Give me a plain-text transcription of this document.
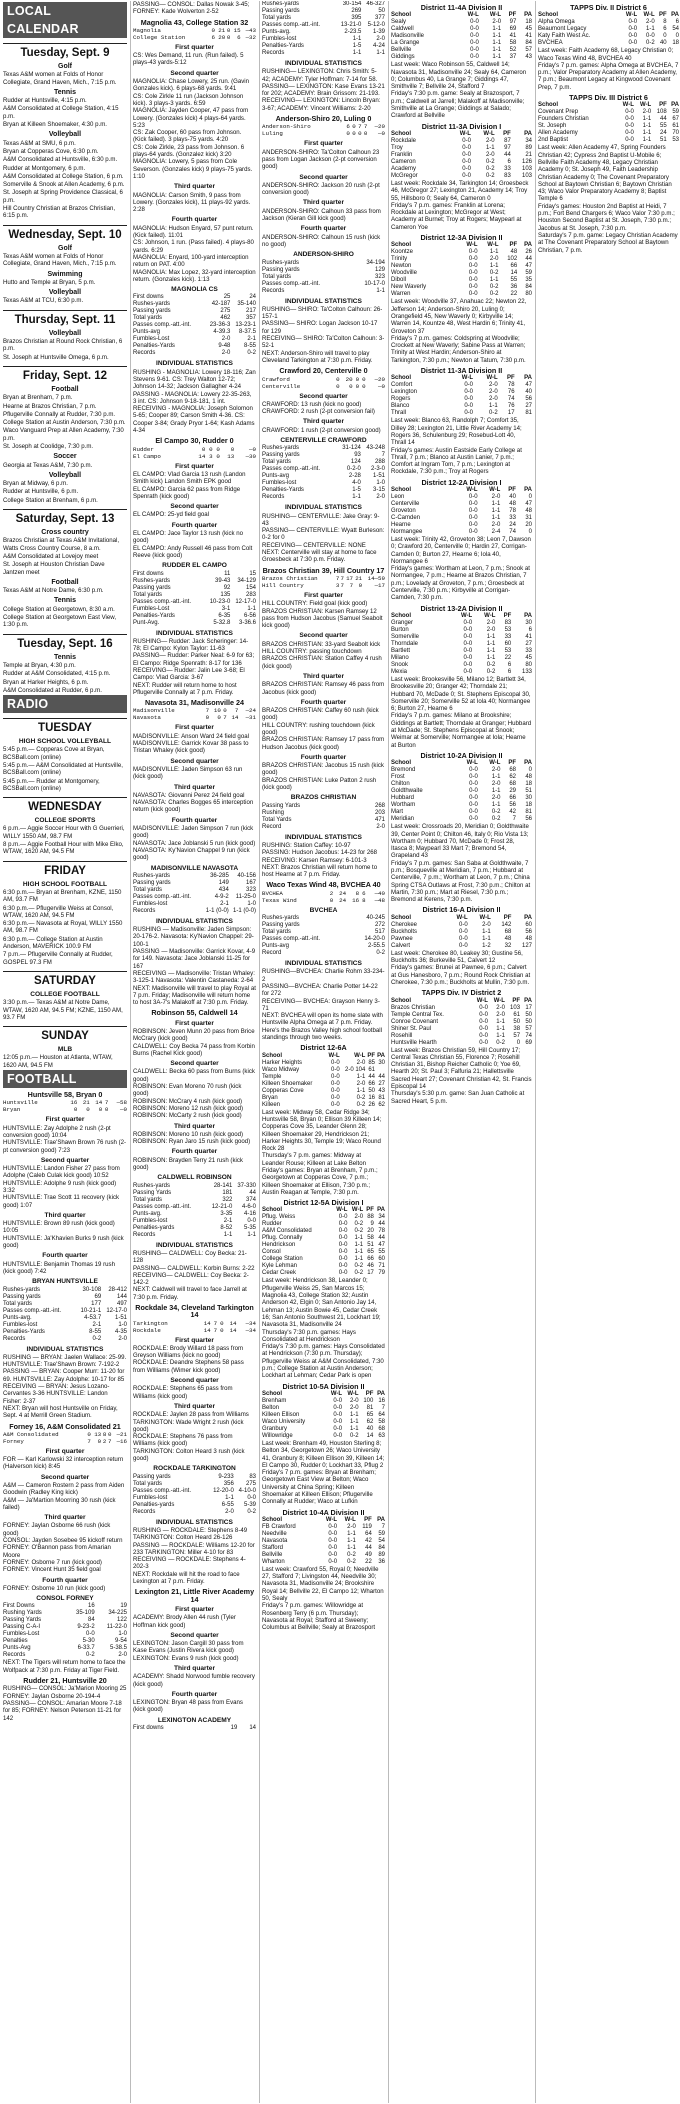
LOCAL CALENDAR
Tuesday, Sept. 9
Golf
Texas A&M women at Folds of Honor Collegiate, Grand Haven, Mich., 7:15 p.m.
Tennis
Rudder at Huntsville, 4:15 p.m.
A&M Consolidated at College Station, 4:15 p.m.
Bryan at Killeen Shoemaker, 4:30 p.m.
Volleyball
Texas A&M at SMU, 6 p.m.
Bryan at Copperas Cove, 6:30 p.m.
A&M Consolidated at Huntsville, 6:30 p.m.
Rudder at Montgomery, 6 p.m.
A&M Consolidated at College Station, 6 p.m.
Somerville & Snook at Allen Academy, 6 p.m.
St. Joseph at Spring Providence Classical, 6 p.m.
Hill Country Christian at Brazos Christian, 6:15 p.m.
Wednesday, Sept. 10
Golf
Texas A&M women at Folds of Honor Collegiate, Grand Haven, Mich., 7:15 p.m.
Swimming
Hutto and Temple at Bryan, 5 p.m.
Volleyball
Texas A&M at TCU, 6:30 p.m.
Thursday, Sept. 11
Volleyball
Brazos Christian at Round Rock Christian, 6 p.m.
St. Joseph at Huntsville Omega, 6 p.m.
Friday, Sept. 12
Football
Bryan at Brenham, 7 p.m.
Hearne at Brazos Christian, 7 p.m.
Pflugerville Connally at Rudder, 7:30 p.m.
College Station at Austin Anderson, 7:30 p.m.
Waco Vanguard Prep at Allen Academy, 7:30 p.m.
St. Joseph at Coolidge, 7:30 p.m.
Soccer
Georgia at Texas A&M, 7:30 p.m.
Volleyball
Bryan at Midway, 6 p.m.
Rudder at Huntsville, 6 p.m.
College Station at Brenham, 6 p.m.
Saturday, Sept. 13
Cross country
Brazos Christian at Texas A&M Invitational, Watts Cross Country Course, 8 a.m.
A&M Consolidated at Lovejoy meet
St. Joseph at Houston Christian Dave Jantzen meet
Football
Texas A&M at Notre Dame, 6:30 p.m.
Tennis
College Station at Georgetown, 8:30 a.m.
College Station at Georgetown East View, 1:30 p.m.
Tuesday, Sept. 16
Tennis
Temple at Bryan, 4:30 p.m.
Rudder at A&M Consolidated, 4:15 p.m.
Bryan at Harker Heights, 6 p.m.
A&M Consolidated at Rudder, 6 p.m.
RADIO
TUESDAY
HIGH SCHOOL VOLLEYBALL
5:45 p.m.— Copperas Cove at Bryan, BCSBall.com (online)
5:45 p.m.— A&M Consolidated at Huntsville, BCSBall.com (online)
5:45 p.m.— Rudder at Montgomery, BCSBall.com (online)
WEDNESDAY
COLLEGE SPORTS
6 p.m.— Aggie Soccer Hour with G Guerrieri, WILLY 1550 AM, 98.7 FM
8 p.m.— Aggie Football Hour with Mike Elko, WTAW, 1620 AM, 94.5 FM
FRIDAY
HIGH SCHOOL FOOTBALL
6:30 p.m.— Bryan at Brenham, KZNE, 1150 AM, 93.7 FM
6:30 p.m.— Pflugerville Weiss at Consol, WTAW, 1620 AM, 94.5 FM
6:30 p.m.— Navasota at Royal, WILLY 1550 AM, 98.7 FM
6:30 p.m.— College Station at Austin Anderson, MAVERICK 100.9 FM
7 p.m.— Pflugerville Connally at Rudder, GOSPEL 97.3 FM
SATURDAY
COLLEGE FOOTBALL
3:30 p.m.— Texas A&M at Notre Dame, WTAW, 1620 AM, 94.5 FM; KZNE, 1150 AM, 93.7 FM
SUNDAY
MLB
12:05 p.m.— Houston at Atlanta, WTAW, 1620 AM, 94.5 FM
FOOTBALL
Huntsville 58, Bryan 0
Huntsville	16	21	14	7	—58
Bryan	0	0	0	0	—0
First quarter
HUNTSVILLE: Zay Adolphe 2 rush (2-pt conversion good) 10:04
HUNTSVILLE: Trae'Shawn Brown 76 rush (2-pt conversion good) 7:23
Second quarter
HUNTSVILLE: Landon Fisher 27 pass from Adolphe (Caleb Culak kick good) 10:52
HUNTSVILLE: Adolphe 9 rush (kick good) 3:32
HUNTSVILLE: Trae Scott 11 recovery (kick good) 1:07
Third quarter
HUNTSVILLE: Brown 89 rush (kick good) 10:05
HUNTSVILLE: Ja'Khavien Burks 9 rush (kick good)
Fourth quarter
HUNTSVILLE: Benjamin Thomas 19 rush (kick good) 7:42
BRYAN HUNTSVILLE
Rushes-yards	30-108	28-412
Passing yards	69	144
Total yards	177	497
Passes comp.-att.-int.	10-21-1	12-17-0
Punts-avg.	4-53.7	1-51
Fumbles-lost	2-1	1-0
Penalties-Yards	8-55	4-35
Records	0-2	2-0
INDIVIDUAL STATISTICS
RUSHING — BRYAN: Jaelen Wallace: 25-99. HUNTSVILLE: Trae'Shawn Brown: 7-192-2
PASSING — BRYAN: Cooper Murr: 11-20 for 69. HUNTSVILLE: Zay Adolphe: 10-17 for 85
RECEIVING — BRYAN: Jesus Lozano-Cervantes 3-36 HUNTSVILLE: Landon Fisher: 2-37
NEXT: Bryan will host Huntsville on Friday, Sept. 4 at Merrill Green Stadium.
Forney 16, A&M Consolidated 21
A&M Consolidated	0	13	8	0	—21
Forney	7	0	2	7	—16
First quarter
FOR — Karl Karlowski 32 interception return (Halverson kick) 8:45
Second quarter
A&M — Cameron Rostern 2 pass from Aiden Goodwin (Radley King kick)
A&M — Ja'Martion Moorring 30 rush (kick failed)
Third quarter
FORNEY: Jaylan Osborne 66 rush (kick good)
CONSOL: Jayden Sosebee 95 kickoff return
FORNEY: O'Bannon pass from Amarian Moore
FORNEY: Osborne 7 run (kick good)
FORNEY: Vincent Hunt 35 field goal
Fourth quarter
FORNEY: Osborne 10 run (kick good)
CONSOL FORNEY
First Downs	16	19
Rushing Yards	35-109	34-225
Passing Yards	84	122
Passing C-A-I	9-23-2	11-22-0
Fumbles-Lost	0-0	1-0
Penalties	5-30	9-54
Punts-Avg	6-33.7	5-38.5
Records	0-2	2-0
NEXT: The Tigers will return home to face the Wolfpack at 7:30 p.m. Friday at Tiger Field.
Rudder 21, Huntsville 20
RUSHING— CONSOL: Ja'Marion Mooring 25 FORNEY: Jaylan Osborne 20-194-4
PASSING— CONSOL: Amarian Moore 7-18 for 85; FORNEY: Nelson Peterson 11-21 for 142
PASSING— CONSOL: Dallas Nowak 3-45; FORNEY: Kade Wolverton 2-52
Magnolia 43, College Station 32
Magnolia	0	21	0	15	—43
College Station	6	20	0	6	—32
First quarter
CS: Wes Demand, 11 run. (Run failed). 5 plays-43 yards-5:12
Second quarter
MAGNOLIA: Chase Lowery, 25 run. (Gavin Gonzales kick). 6 plays-68 yards. 9:41
CS: Cole Zirkle 11 run (Jackson Johnson kick). 3 plays-3 yards. 6:59
MAGNOLIA: Jayden Cooper, 47 pass from Lowery. (Gonzales kick) 4 plays-64 yards. 5:23
CS: Zak Cooper, 60 pass from Johnson. (Kick failed). 3 plays-75 yards. 4:20
CS: Cole Zirkle, 23 pass from Johnson. 6 plays-64 yards. (Gonzalez kick) 3:20
MAGNOLIA: Lowery, 5 pass from Cole Severson. (Gonzales kick) 9 plays-75 yards. 1:10
Third quarter
MAGNOLIA: Carson Smith, 9 pass from Lowery. (Gonzales kick), 11 plays-92 yards. 2:28
Fourth quarter
MAGNOLIA: Hudson Enyard, 57 punt return. (Kick failed). 11:01
CS: Johnson, 1 run. (Pass failed). 4 plays-80 yards. 6:29
MAGNOLIA: Enyard, 100-yard interception return on PAT. 4:00
MAGNOLIA: Max Lopez, 32-yard interception return. (Gonzales kick). 1:13
MAGNOLIA CS
First downs	25	24
Rushes-yards	42-187	35-140
Passing yards	275	217
Total yards	462	357
Passes comp.-att.-int.	23-36-3	13-23-1
Punts-avg	4-39.3	8-37.5
Fumbles-Lost	2-0	2-1
Penalties-Yards	9-48	8-55
Records	2-0	0-2
INDIVIDUAL STATISTICS
RUSHING - MAGNOLIA: Lowery 18-116; Zan Stevens 9-61. CS: Trey Walton 12-72; Johnson 14-32; Jackson Gallagher 4-24
PASSING - MAGNOLIA: Lowery 22-35-263, 3 int. CS: Johnson 9-18-181, 1 int.
RECEIVING - MAGNOLIA: Joseph Solomon 5-65; Cooper 89; Carson Smith 4-36. CS: Cooper 3-84; Grady Pryor 1-64; Kash Adams 4-34
El Campo 30, Rudder 0
Rudder	0	0	0	0	—0
El Campo	14	3	0	13	—30
First quarter
EL CAMPO: Vlad Garcia 13 rush (Landon Smith kick) Landon Smith EPK good
EL CAMPO: Garcia 62 pass from Ridge Spenrath (kick good)
Second quarter
EL CAMPO: 25-yd field goal
Fourth quarter
EL CAMPO: Jace Taylor 13 rush (kick no good)
EL CAMPO: Andy Russell 46 pass from Colt Reeve (kick good)
RUDDER EL CAMPO
First downs	11	15
Rushes-yards	39-43	34-129
Passing yards	92	154
Total yards	135	283
Passes comp.-att.-int.	10-23-0	12-17-0
Fumbles-Lost	3-1	1-1
Penalties-Yards	6-35	6-56
Punt-Avg.	5-32.8	3-36.6
INDIVIDUAL STATISTICS
RUSHING— Rudder: Jack Scheringer: 14-78; El Campo: Kylon Taylor: 11-63
PASSING— Rudder: Parker Neal: 6-9 for 63; El Campo: Ridge Spenrath: 8-17 for 136
RECEIVING— Rudder: Jalin Lee 3-68; El Campo: Vlad Garcia: 3-67
NEXT: Rudder will return home to host Pflugerville Connally at 7 p.m. Friday.
Navasota 31, Madisonville 24
Madisonville	7	10	0	7	—24
Navasota	0	0	7	14	—31
First quarter
MADISONVILLE: Anson Ward 24 field goal
MADISONVILLE: Garrick Kovar 38 pass to Tristan Whaley (kick good)
Second quarter
MADISONVILLE: Jaden Simpson 63 run (kick good)
Third quarter
NAVASOTA: Giovanni Perez 24 field goal
NAVASOTA: Charles Bogges 65 interception return (kick good)
Fourth quarter
MADISONVILLE: Jaden Simpson 7 run (kick good)
NAVASOTA: Jace Joblanski 5 run (kick good)
NAVASOTA: Ky'Navion Chappel 9 run (kick good)
MADISONVILLE NAVASOTA
Rushes-yards	36-285	40-156
Passing yards	149	167
Total yards	434	323
Passes comp.-att.-int.	4-9-2	11-25-0
Fumbles-lost	2-1	1-0
Records	1-1 (0-0)	1-1 (0-0)
INDIVIDUAL STATISTICS
RUSHING — Madisonville: Jaden Simpson: 20-176-2. Navasota: Ky'Navion Chappel: 29-100-1
PASSING — Madisonville: Garrick Kovar, 4-9 for 149. Navasota: Jace Joblanski 11-25 for 167
RECEIVING — Madisonville: Tristan Whaley: 3-125-1 Navasota: Valentin Castaneda: 2-64
NEXT: Madisonville will travel to play Royal at 7 p.m. Friday; Madisonville will return home to host 3A-7's Malakoff at 7:30 p.m. Friday.
Robinson 55, Caldwell 14
First quarter
ROBINSON: Jeven Munn 20 pass from Brice McCrary (kick good)
CALDWELL: Coy Becka 74 pass from Korbin Burns (Rachel Kick good)
Second quarter
CALDWELL: Becka 60 pass from Burns (kick good)
ROBINSON: Evan Moreno 70 rush (kick good)
ROBINSON: McCrary 4 rush (kick good)
ROBINSON: Moreno 12 rush (kick good)
ROBINSON: McCarty 2 rush (kick good)
Third quarter
ROBINSON: Moreno 10 rush (kick good)
ROBINSON: Ryan Jaro 15 rush (kick good)
Fourth quarter
ROBINSON: Brayden Terry 21 rush (kick good)
CALDWELL ROBINSON
Rushes-yards	28-141	37-330
Passing Yards	181	44
Total yards	322	374
Passes comp.-att.-int.	12-21-0	4-6-0
Punts-avg.	3-35	4-16
Fumbles-lost	2-1	0-0
Penalties-yards	8-52	5-35
Records	1-1	1-1
INDIVIDUAL STATISTICS
RUSHING— CALDWELL: Coy Becka: 21-128
PASSING— CALDWELL: Korbin Burns: 2-22
RECEIVING— CALDWELL: Coy Becka: 2-142-2
NEXT: Caldwell will travel to face Jarrell at 7:30 p.m. Friday.
Rockdale 34, Cleveland Tarkington 14
Tarkington	14	7	0	14	—34
Rockdale	14	7	0	14	—34
First quarter
ROCKDALE: Brody Willard 18 pass from Greyson Williams (kick no good)
ROCKDALE: Deandre Stephens 58 pass from Williams (Wimer kick good)
Second quarter
ROCKDALE: Stephens 65 pass from Williams (kick good)
Third quarter
ROCKDALE: Jaylen 28 pass from Williams
TARKINGTON: Wade Wright 2 rush (kick good)
ROCKDALE: Stephens 76 pass from Williams (kick good)
TARKINGTON: Colton Heard 3 rush (kick good)
ROCKDALE TARKINGTON
Passing yards	9-233	83
Total yards	356	275
Passes comp.-att.-int.	12-20-0	4-10-0
Fumbles-lost	1-1	0-0
Penalties-yards	6-55	5-39
Records	2-0	0-2
INDIVIDUAL STATISTICS
RUSHING — ROCKDALE: Stephens 8-49 TARKINGTON: Colton Heard 26-126
PASSING — ROCKDALE: Williams 12-20 for 233 TARKINGTON: Miller 4-10 for 83
RECEIVING — ROCKDALE: Stephens 4-202-3
NEXT: Rockdale will hit the road to face Lexington at 7 p.m. Friday.
Lexington 21, Little River Academy 14
First quarter
ACADEMY: Brody Allen 44 rush (Tyler Hoffman kick good)
Second quarter
LEXINGTON: Jason Cargill 30 pass from Kase Evans (Justin Rivera kick good)
LEXINGTON: Evans 9 rush (kick good)
Third quarter
ACADEMY: Shadd Norwood fumble recovery (kick good)
Fourth quarter
LEXINGTON: Bryan 48 pass from Evans (kick good)
LEXINGTON ACADEMY
First downs	19	14
Rushes-yards	30-154	46-327
Passing yards	269	50
Total yards	395	377
Passes comp.-att.-int.	13-21-0	5-12-0
Punts-avg.	2-23.5	1-39
Fumbles-lost	1-1	2-0
Penalties-Yards	1-5	4-24
Records	1-1	1-1
INDIVIDUAL STATISTICS
RUSHING— LEXINGTON: Chris Smith: 5-42; ACADEMY: Tyler Hoffman: 7-14 for 58.
PASSING— LEXINGTON: Kase Evans 13-21 for 202; ACADEMY: Brain Grissom: 21-193.
RECEIVING— LEXINGTON: Lincoln Bryan: 3-67; ACADEMY: Vincent Williams: 2-20
Anderson-Shiro 20, Luling 0
Anderson-Shiro	6	0	7	7	—20
Luling	0	0	0	0	—0
First quarter
ANDERSON-SHIRO: Ta'Colton Calhoun 23 pass from Logan Jackson (2-pt conversion good)
Second quarter
ANDERSON-SHIRO: Jackson 20 rush (2-pt conversion good)
Third quarter
ANDERSON-SHIRO: Calhoun 33 pass from Jackson (Kieran Gill kick good)
Fourth quarter
ANDERSON-SHIRO: Calhoun 15 rush (kick no good)
ANDERSON-SHIRO
Rushes-yards		34-194
Passing yards		129
Total yards		323
Passes comp.-att.-int.		10-17-0
Records		1-1
INDIVIDUAL STATISTICS
RUSHING— SHIRO: Ta'Colton Calhoun: 26-157-1
PASSING— SHIRO: Logan Jackson 10-17 for 129
RECEIVING— SHIRO: Ta'Colton Calhoun: 3-52-1
NEXT: Anderson-Shiro will travel to play Cleveland Tarkington at 7:30 p.m. Friday.
Crawford 20, Centerville 0
Crawford	0	20	0	0	—20
Centerville	0	0	0	0	—0
Second quarter
CRAWFORD: 13 rush (kick no good)
CRAWFORD: 2 rush (2-pt conversion fail)
Third quarter
CRAWFORD: 1 rush (2-pt conversion good)
CENTERVILLE CRAWFORD
Rushes-yards	31-124	43-248
Passing yards	93	7
Total yards	124	288
Passes comp.-att.-int.	0-2-0	2-3-0
Punts-avg	2-28	1-51
Fumbles-lost	4-0	1-0
Penalties-Yards	1-5	3-15
Records	1-1	2-0
INDIVIDUAL STATISTICS
RUSHING— CENTERVILLE: Jake Gray: 9-43
PASSING— CENTERVILLE: Wyatt Burleson: 0-2 for 0
RECEIVING— CENTERVILLE: NONE
NEXT: Centerville will stay at home to face Groesbeck at 7:30 p.m. Friday.
Brazos Christian 39, Hill Country 17
Brazos Christian	7	7	17	21	14—59
Hill Country	3	7	7	0	—17
First quarter
HILL COUNTRY: Field goal (kick good)
BRAZOS CHRISTIAN: Karsen Ramsey 12 pass from Hudson Jacobus (Samuel Seabolt kick good)
Second quarter
BRAZOS CHRISTIAN: 33-yard Seabolt kick
HILL COUNTRY: passing touchdown
BRAZOS CHRISTIAN: Station Caffey 4 rush (kick good)
Third quarter
BRAZOS CHRISTIAN: Ramsey 46 pass from Jacobus (kick good)
Fourth quarter
BRAZOS CHRISTIAN: Caffey 60 rush (kick good)
HILL COUNTRY: rushing touchdown (kick good)
BRAZOS CHRISTIAN: Ramsey 17 pass from Hudson Jacobus (kick good)
Fourth quarter
BRAZOS CHRISTIAN: Jacobus 15 rush (kick good)
BRAZOS CHRISTIAN: Luke Patton 2 rush (kick good)
BRAZOS CHRISTIAN
Passing Yards		268
Rushing		203
Total Yards		471
Record		2-0
INDIVIDUAL STATISTICS
RUSHING: Station Caffey: 10-97
PASSING: Hudson Jacobus: 14-23 for 268
RECEIVING: Karsen Ramsey: 6-101-3
NEXT: Brazos Christian will return home to host Hearne at 7 p.m. Friday.
Waco Texas Wind 48, BVCHEA 40
BVCHEA	2	24	8	6	—40
Texas Wind	0	24	16	8	—48
BVCHEA
Rushes-yards		40-245
Passing yards		272
Total yards		517
Passes comp.-att.-int.		14-20-0
Punts-avg		2-55.5
Record		0-2
INDIVIDUAL STATISTICS
RUSHING—BVCHEA: Charlie Rohm 33-234-2
PASSING—BVCHEA: Charlie Potter 14-22 for 272
RECEIVING— BVCHEA: Grayson Henry 3-71
NEXT: BVCHEA will open its home slate with Huntsville Alpha Omega at 7 p.m. Friday.

Here's the Brazos Valley high school football standings through two weeks.

District 12-6A
School	W-L	W-L	PF	PA
Harker Heights	0-0	2-0	85	30
Waco Midway	0-0	2-0 104	61	
Temple	0-0	1-1	44	44
Killeen Shoemaker	0-0	2-0	66	27
Copperas Cove	0-0	1-1	50	43
Bryan	0-0	0-2	16	81
Killeen	0-0	0-2	26	62
Last week: Midway 58, Cedar Ridge 34; Huntsville 58, Bryan 0; Ellison 39 Killeen 14; Copperas Cove 35, Leander Glenn 28; Killeen Shoemaker 29, Hendrickson 21; Harker Heights 30, Temple 19; Waco Round Rock 28
Thursday's 7 p.m. games: Midway at Leander Rouse; Killeen at Lake Belton
Friday's games: Bryan at Brenham, 7 p.m.; Georgetown at Copperas Cove, 7 p.m.; Killeen Shoemaker at Ellison, 7:30 p.m.; Austin Reagan at Temple, 7:30 p.m.
District 12-5A Division I
School	W-L	W-L	PF	PA
Pflug. Weiss	0-0	2-0	88	34
Rudder	0-0	0-2	9	44
A&M Consolidated	0-0	0-2	20	78
Pflug. Connally	0-0	1-1	58	44
Hendrickson	0-0	1-1	51	47
Consol	0-0	1-1	65	55
College Station	0-0	1-1	66	60
Kyle Lehman	0-0	0-2	46	71
Cedar Creek	0-0	0-2	17	79
Last week: Hendrickson 38, Leander 0; Pflugerville Weiss 25, San Marcos 15; Magnolia 43, College Station 32; Austin Anderson 42, Elgin 0; San Antonio Jay 14, Lehman 13; Austin Bowie 45, Cedar Creek 16; San Antonio Southwest 21, Lockhart 19; Navasota 31, Madisonville 24
Thursday's 7:30 p.m. games: Hays Consolidated at Hendrickson
Friday's 7:30 p.m. games: Hays Consolidated at Hendrickson (7:30 p.m. Thursday); Pflugerville Weiss at A&M Consolidated, 7:30 p.m.; College Station at Austin Anderson; Lockhart at Lehman; Cedar Park is open
District 10-5A Division II
School	W-L	W-L	PF	PA
Brenham	0-0	2-0	100	16
Belton	0-0	2-0	81	7
Killeen Ellison	0-0	1-1	65	64
Waco University	0-0	1-1	62	58
Granbury	0-0	1-1	40	68
Willowridge	0-0	0-2	14	63
Last week: Brenham 49, Houston Sterling 8; Belton 34, Georgetown 26; Waco University 41, Granbury 8; Killeen Ellison 39, Killeen 14; El Campo 30, Rudder 0; Lockhart 33, Pflug 2
Friday's 7 p.m. games: Bryan at Brenham; Georgetown East View at Belton; Waco University at China Spring; Killeen Shoemaker at Killeen Ellison; Pflugerville Connally at Rudder; Waco at Lufkin
District 10-4A Division II
School	W-L	W-L	PF	PA
FB Crawford	0-0	2-0	119	7
Needville	0-0	1-1	64	59
Navasota	0-0	1-1	42	54
Stafford	0-0	1-1	44	84
Bellville	0-0	0-2	49	89
Wharton	0-0	0-2	22	36
Last week: Crawford 55, Royal 0; Needville 27, Stafford 7; Livingston 44, Needville 30; Navasota 31, Madisonville 24; Brookshire Royal 14; Bellville 22, El Campo 12; Wharton 50, Sealy
Friday's 7 p.m. games: Willowridge at Rosenberg Terry (6 p.m. Thursday); Navasota at Royal; Stafford at Sweeny; Columbus at Bellville; Sealy at Brazosport
District 11-4A Division II
School	W-L	W-L	PF	PA
Sealy	0-0	2-0	97	18
Caldwell	0-0	1-1	69	45
Madisonville	0-0	1-1	41	41
La Grange	0-0	1-1	58	84
Bellville	0-0	1-1	52	57
Giddings	0-0	1-1	37	43
Last week: Waco Robinson 55, Caldwell 14; Navasota 31, Madisonville 24; Sealy 64, Cameron 0; Columbus 40, La Grange 7; Giddings 47, Smithville 7; Bellville 24, Stafford 7
Friday's 7:30 p.m. game: Sealy at Brazosport, 7 p.m.; Caldwell at Jarrell; Malakoff at Madisonville; Smithville at La Grange; Giddings at Salado; Crawford at Bellville
District 11-3A Division I
School	W-L	W-L	PF	PA
Rockdale	0-0	2-0	87	34
Troy	0-0	1-1	97	89
Franklin	0-0	2-0	44	21
Cameron	0-0	0-2	6	126
Academy	0-0	0-2	33	103
McGregor	0-0	0-2	83	103
Last week: Rockdale 34, Tarkington 14; Groesbeck 46, McGregor 27; Lexington 21, Academy 14; Troy 55, Hillsboro 0; Sealy 64, Cameron 0
Friday's 7 p.m. games: Franklin at Lorena; Rockdale at Lexington; McGregor at West; Academy at Burnet; Troy at Rogers; Maypearl at Cameron Yoe
District 12-3A Division II
School	W-L	W-L	PF	PA
Koontze	0-0	1-1	48	26
Trinity	0-0	2-0	102	44
Newton	0-0	1-1	66	47
Woodville	0-0	0-2	14	59
Diboll	0-0	1-1	55	35
New Waverly	0-0	0-2	36	84
Warren	0-0	0-2	22	80
Last week: Woodville 37, Anahuac 22; Newton 22, Jefferson 14; Anderson-Shiro 20, Luling 0; Orangefield 45, New Waverly 0; Kirbyville 14; Warren 14, Kountze 48, West Hardin 6; Trinity 41, Groveton 37
Friday's 7 p.m. games: Coldspring at Woodville; Crockett at New Waverly; Sabine Pass at Warren; Trinity at West Hardin; Anderson-Shiro at Tarkington, 7:30 p.m.; Newton at Tatum, 7:30 p.m.
District 11-3A Division II
School	W-L	W-L	PF	PA
Comfort	0-0	2-0	78	47
Lexington	0-0	2-0	76	40
Rogers	0-0	2-0	74	56
Blanco	0-0	1-1	76	27
Thrall	0-0	0-2	17	81
Last week: Blanco 63, Randolph 7; Comfort 35, Dilley 28; Lexington 21, Little River Academy 14; Rogers 36, Schulenburg 29; Rosebud-Lott 40, Thrall 14
Friday's games: Austin Eastside Early College at Thrall, 7 p.m.; Blanco at Austin Lanier, 7 p.m.; Comfort at Ingram Tom, 7 p.m.; Lexington at Rockdale, 7:30 p.m.; Troy at Rogers
District 12-2A Division I
School	W-L	W-L	PF	PA
Leon	0-0	2-0	40	0
Centerville	0-0	1-1	48	47
Groveton	0-0	1-1	78	48
C-Camden	0-0	1-1	33	31
Hearne	0-0	2-0	24	20
Normangee	0-0	2-4	74	0
Last week: Trinity 42, Groveton 38; Leon 7, Dawson 0; Crawford 20, Centerville 0; Hardin 27, Corrigan-Camden 0; Burton 27, Hearne 6; Iola 40, Normangee 6
Friday's games: Wortham at Leon, 7 p.m.; Snook at Normangee, 7 p.m.; Hearne at Brazos Christian, 7 p.m.; Lovelady at Groveton, 7 p.m.; Groesbeck at Centerville, 7:30 p.m.; Kirbyville at Corrigan-Camden, 7:30 p.m.
District 13-2A Division II
School	W-L	W-L	PF	PA
Granger	0-0	2-0	83	30
Burton	0-0	2-0	53	6
Somerville	0-0	1-1	33	41
Thorndale	0-0	1-1	60	27
Bartlett	0-0	1-1	53	33
Milano	0-0	1-1	22	45
Snook	0-0	0-2	6	80
Mexia	0-0	0-2	6	133
Last week: Brookesville 56, Milano 12; Bartlett 34, Brookesville 20; Granger 42; Thorndale 21; Hubbard 70, McDade 0; St. Stephens Episcopal 30, Somerville 20; Somerville 52 at Iola 40; Normangee 6; Burton 27, Hearne 6
Friday's 7 p.m. games: Milano at Brookshire; Giddings at Bartlett; Thorndale at Granger; Hubbard at McDade; St. Stephens Episcopal at Snook; Weimar at Somerville; Normangee at Iola; Hearne at Burton
District 10-2A Division II
School	W-L	W-L	PF	PA
Bremond	0-0	2-0	68	0
Frost	0-0	1-1	62	48
Chilton	0-0	2-0	68	18
Goldthwaite	0-0	1-1	29	51
Hubbard	0-0	2-0	66	30
Wortham	0-0	1-1	56	18
Mart	0-0	0-2	42	81
Meridian	0-0	0-2	7	56
Last week: Crossroads 20, Meridian 0; Goldthwaite 39, Center Point 0; Chilton 46, Italy 0; Rio Vista 13; Wortham 0; Hubbard 70, McDade 0; Frost 28, Itasca 8; Maypearl 33 Mart 7; Bremond 54, Grapeland 43
Friday's 7 p.m. games: San Saba at Goldthwaite, 7 p.m.; Bosqueville at Meridian, 7 p.m.; Hubbard at Centerville, 7 p.m.; Wortham at Leon, 7 p.m.; China Spring CTSA Outlaws at Frost, 7:30 p.m.; Chilton at Martin, 7:30 p.m.; Mart at Riesel, 7:30 p.m.; Bremond at Kerens, 7:30 p.m.
District 16-A Division II
School	W-L	W-L	PF	PA
Cherokee	0-0	2-0	142	60
Buckholts	0-0	1-1	68	56
Pawnee	0-0	1-1	48	48
Calvert	0-0	1-2	32	127
Last week: Cherokee 80, Leakey 30; Gustine 56, Buckholts 36; Burkeville 51, Calvert 12
Friday's games: Brunei at Pawnee, 6 p.m.; Calvert at Gus Hanesboro, 7 p.m.; Round Rock Christian at Cherokee, 7:30 p.m.; Buckholts at Mullin, 7:30 p.m.
TAPPS Div. IV District 2
School	W-L	W-L	PF	PA
Brazos Christian	0-0	2-0	103	17
Temple Central Tex.	0-0	2-0	61	50
Conroe Covenant	0-0	1-1	50	50
Shiner St. Paul	0-0	1-1	38	57
Rosehill	0-0	1-1	57	74
Huntsville Hearth	0-0	0-2	0	69
Last week: Brazos Christian 59, Hill Country 17; Central Texas Christian 55, Florence 7; Rosehill Christian 31, Bishop Reicher Catholic 0; Yoe 69, Hearth 20; St. Paul 3; Falfuria 21; Hallettsville Sacred Heart 27; Covenant Christian 42, St. Francis Episcopal 14
Thursday's 5:30 p.m. game: San Juan Catholic at Sacred Heart, 5 p.m.
TAPPS Div. II District 6
School	W-L	W-L	PF	PA
Alpha Omega	0-0	2-0	8	6
Beaumont Legacy	0-0	1-1	6	54
Katy Faith West Ac.	0-0	0-0	0	0
BVCHEA	0-0	0-2	40	18
Last week: Faith Academy 68, Legacy Christian 0; Waco Texas Wind 48, BVCHEA 40
Friday's 7 p.m. games: Alpha Omega at BVCHEA, 7 p.m.; Valor Preparatory Academy at Allen Academy, 7 p.m.; Beaumont Legacy at Kingwood Covenant Prep, 7 p.m.
TAPPS Div. III District 6
School	W-L	W-L	PF	PA
Covenant Prep	0-0	2-0	108	59
Founders Christian	0-0	1-1	44	67
St. Joseph	0-0	1-1	55	61
Allen Academy	0-0	1-1	24	70
2nd Baptist	0-0	1-1	51	53
Last week: Allen Academy 47, Spring Founders Christian 42; Cypress 2nd Baptist U-Mobile 6; Bellville Faith Academy 48, Legacy Christian Academy 0; St. Joseph 49, Faith Leadership Christian Academy 0; The Covenant Preparatory School at Baytown Christian 6; Baytown Christian 43; Waco Valor Preparatory Academy 8; Baptist Temple 6
Friday's games: Houston 2nd Baptist at Heidi, 7 p.m.; Fort Bend Chargers 6; Waco Valor 7:30 p.m.; Houston Second Baptist at St. Joseph, 7:30 p.m.; Jacobus at St. Joseph, 7:30 p.m.
Saturday's 7 p.m. game: Legacy Christian Academy at The Covenant Preparatory School at Baytown Christian, 7 p.m.
